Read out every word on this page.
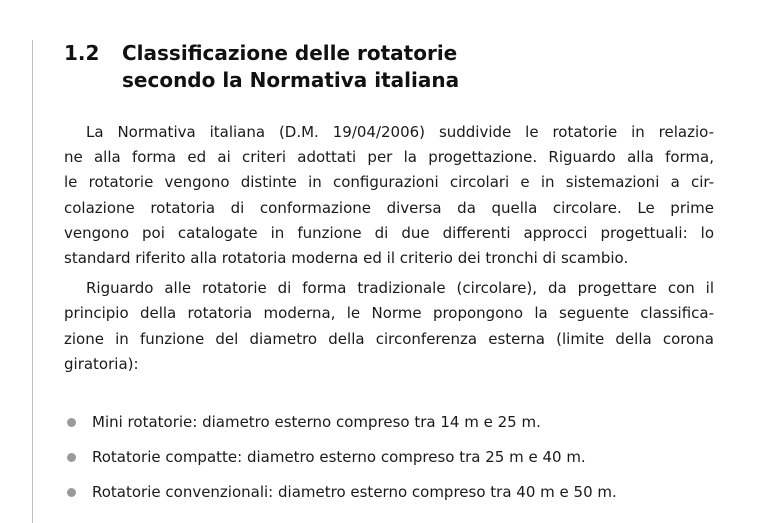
1.2 Classificazione delle rotatorie
secondo la Normativa italiana
La Normativa italiana (D.M. 19/04/2006) suddivide le rotatorie in relazio-
ne alla forma ed ai criteri adottati per la progettazione. Riguardo alla forma,
le rotatorie vengono distinte in configurazioni circolari e in sistemazioni a cir-
colazione rotatoria di conformazione diversa da quella circolare. Le prime
vengono poi catalogate in funzione di due differenti approcci progettuali: lo
standard riferito alla rotatoria moderna ed il criterio dei tronchi di scambio.
Riguardo alle rotatorie di forma tradizionale (circolare), da progettare con il
principio della rotatoria moderna, le Norme propongono la seguente classifica-
zione in funzione del diametro della circonferenza esterna (limite della corona
giratoria):
Mini rotatorie: diametro esterno compreso tra 14 m e 25 m.
Rotatorie compatte: diametro esterno compreso tra 25 m e 40 m.
Rotatorie convenzionali: diametro esterno compreso tra 40 m e 50 m.
